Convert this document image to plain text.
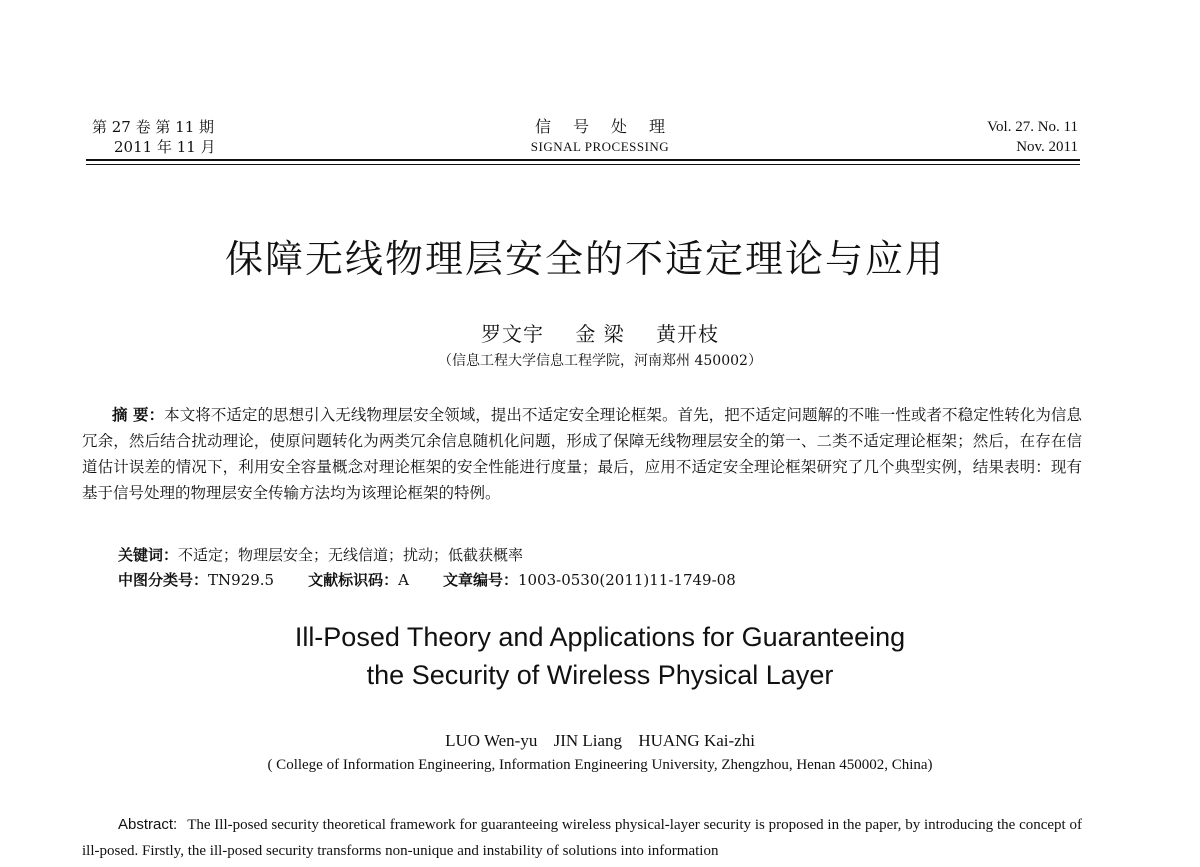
第 27 卷 第 11 期
2011 年 11 月
信号处理
SIGNAL PROCESSING
Vol. 27. No. 11
Nov. 2011
保障无线物理层安全的不适定理论与应用
罗文宇 金 梁 黄开枝
（信息工程大学信息工程学院，河南郑州 450002）
摘 要：本文将不适定的思想引入无线物理层安全领域，提出不适定安全理论框架。首先，把不适定问题解的不唯一性或者不稳定性转化为信息冗余，然后结合扰动理论，使原问题转化为两类冗余信息随机化问题，形成了保障无线物理层安全的第一、二类不适定理论框架；然后，在存在信道估计误差的情况下，利用安全容量概念对理论框架的安全性能进行度量；最后，应用不适定安全理论框架研究了几个典型实例，结果表明：现有基于信号处理的物理层安全传输方法均为该理论框架的特例。
关键词：不适定；物理层安全；无线信道；扰动；低截获概率
中图分类号：TN929.5 文献标识码：A 文章编号：1003-0530(2011)11-1749-08
Ill-Posed Theory and Applications for Guaranteeing
the Security of Wireless Physical Layer
LUO Wen-yu JIN Liang HUANG Kai-zhi
( College of Information Engineering, Information Engineering University, Zhengzhou, Henan 450002, China)
Abstract: The Ill-posed security theoretical framework for guaranteeing wireless physical-layer security is proposed in the paper, by introducing the concept of ill-posed. Firstly, the ill-posed security transforms non-unique and instability of solutions into information
